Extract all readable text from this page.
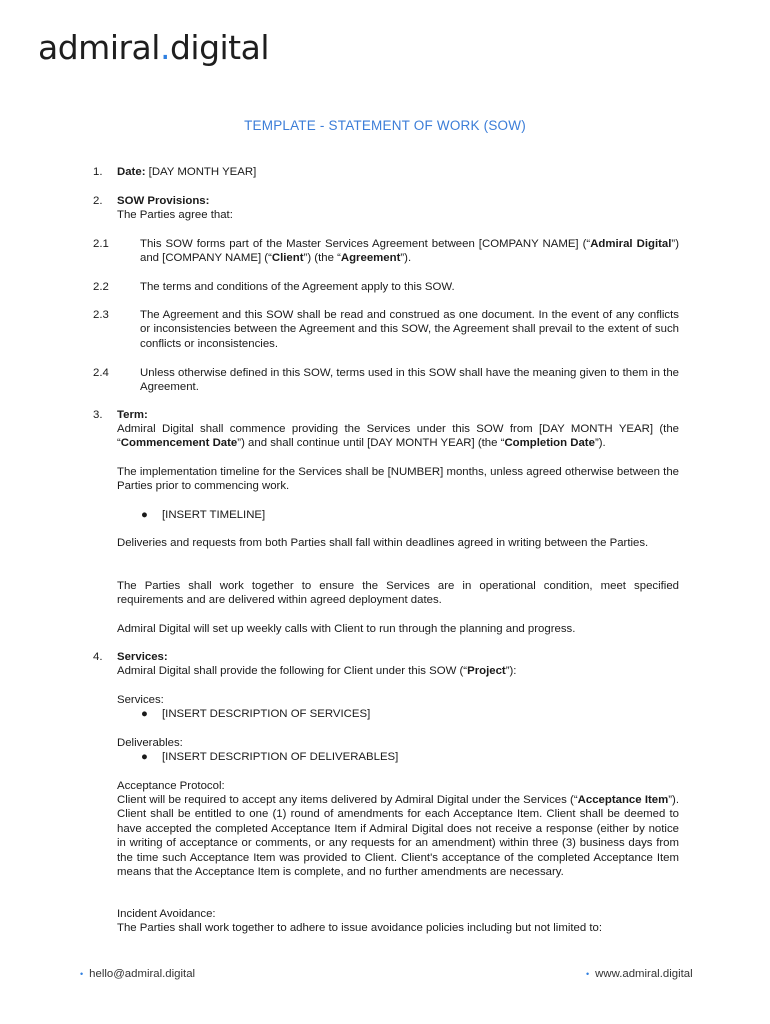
admiral.digital
TEMPLATE - STATEMENT OF WORK (SOW)
1. Date: [DAY MONTH YEAR]
2. SOW Provisions:
The Parties agree that:
2.1	This SOW forms part of the Master Services Agreement between [COMPANY NAME] (“Admiral Digital”) and [COMPANY NAME] (“Client”) (the “Agreement”).
2.2	The terms and conditions of the Agreement apply to this SOW.
2.3	The Agreement and this SOW shall be read and construed as one document. In the event of any conflicts or inconsistencies between the Agreement and this SOW, the Agreement shall prevail to the extent of such conflicts or inconsistencies.
2.4	Unless otherwise defined in this SOW, terms used in this SOW shall have the meaning given to them in the Agreement.
3. Term:
Admiral Digital shall commence providing the Services under this SOW from [DAY MONTH YEAR] (the “Commencement Date”) and shall continue until [DAY MONTH YEAR] (the “Completion Date”).
The implementation timeline for the Services shall be [NUMBER] months, unless agreed otherwise between the Parties prior to commencing work.
● [INSERT TIMELINE]
Deliveries and requests from both Parties shall fall within deadlines agreed in writing between the Parties.
The Parties shall work together to ensure the Services are in operational condition, meet specified requirements and are delivered within agreed deployment dates.
Admiral Digital will set up weekly calls with Client to run through the planning and progress.
4. Services:
Admiral Digital shall provide the following for Client under this SOW (“Project”):
Services:
● [INSERT DESCRIPTION OF SERVICES]
Deliverables:
● [INSERT DESCRIPTION OF DELIVERABLES]
Acceptance Protocol:
Client will be required to accept any items delivered by Admiral Digital under the Services (“Acceptance Item”). Client shall be entitled to one (1) round of amendments for each Acceptance Item. Client shall be deemed to have accepted the completed Acceptance Item if Admiral Digital does not receive a response (either by notice in writing of acceptance or comments, or any requests for an amendment) within three (3) business days from the time such Acceptance Item was provided to Client. Client's acceptance of the completed Acceptance Item means that the Acceptance Item is complete, and no further amendments are necessary.
Incident Avoidance:
The Parties shall work together to adhere to issue avoidance policies including but not limited to:
• hello@admiral.digital	• www.admiral.digital
